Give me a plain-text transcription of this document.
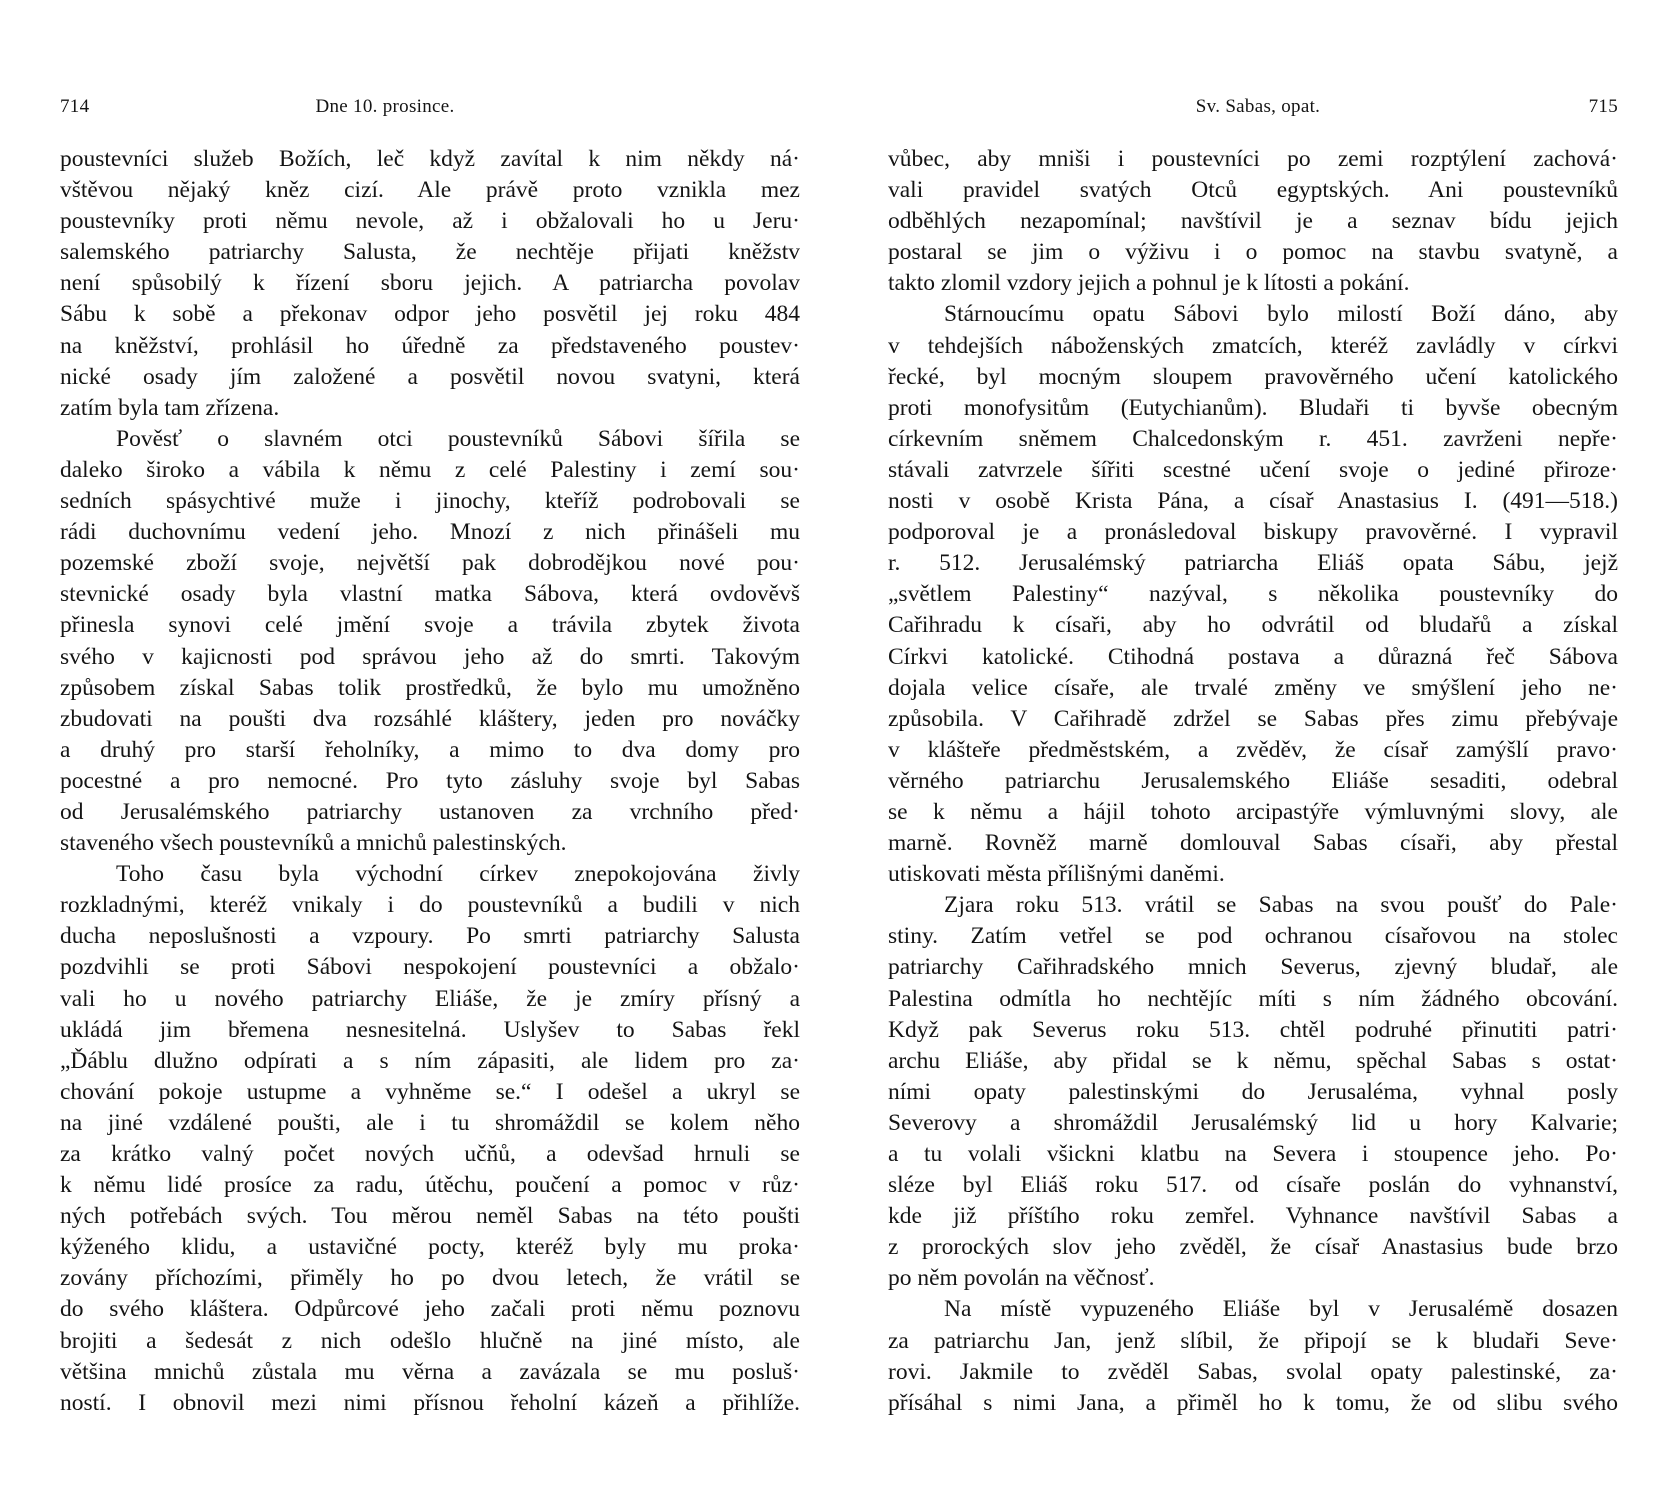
714	Dne 10. prosince.
poustevníci služeb Božích, leč když zavítal k nim někdy ná·
vštěvou nějaký kněz cizí. Ale právě proto vznikla mez
poustevníky proti němu nevole, až i obžalovali ho u Jeru·
salemského patriarchy Salusta, že nechtěje přijati kněžstv
není spůsobilý k řízení sboru jejich. A patriarcha povolav
Sábu k sobě a překonav odpor jeho posvětil jej roku 484
na kněžství, prohlásil ho úředně za představeného poustev·
nické osady jím založené a posvětil novou svatyni, která
zatím byla tam zřízena.
Pověsť o slavném otci poustevníků Sábovi šířila se
daleko široko a vábila k němu z celé Palestiny i zemí sou·
sedních spásychtivé muže i jinochy, kteříž podrobovali se
rádi duchovnímu vedení jeho. Mnozí z nich přinášeli mu
pozemské zboží svoje, největší pak dobrodějkou nové pou·
stevnické osady byla vlastní matka Sábova, která ovdověvš
přinesla synovi celé jmění svoje a trávila zbytek života
svého v kajicnosti pod správou jeho až do smrti. Takovým
způsobem získal Sabas tolik prostředků, že bylo mu umožněno
zbudovati na poušti dva rozsáhlé kláštery, jeden pro nováčky
a druhý pro starší řeholníky, a mimo to dva domy pro
pocestné a pro nemocné. Pro tyto zásluhy svoje byl Sabas
od Jerusalémského patriarchy ustanoven za vrchního před·
staveného všech poustevníků a mnichů palestinských.
Toho času byla východní církev znepokojována živly
rozkladnými, kteréž vnikaly i do poustevníků a budili v nich
ducha neposlušnosti a vzpoury. Po smrti patriarchy Salusta
pozdvihli se proti Sábovi nespokojení poustevníci a obžalo·
vali ho u nového patriarchy Eliáše, že je zmíry přísný a
ukládá jim břemena nesnesitelná. Uslyšev to Sabas řekl
„Ďáblu dlužno odpírati a s ním zápasiti, ale lidem pro za·
chování pokoje ustupme a vyhněme se.“ I odešel a ukryl se
na jiné vzdálené poušti, ale i tu shromáždil se kolem něho
za krátko valný počet nových učňů, a odevšad hrnuli se
k němu lidé prosíce za radu, útěchu, poučení a pomoc v růz·
ných potřebách svých. Tou měrou neměl Sabas na této poušti
kýženého klidu, a ustavičné pocty, kteréž byly mu proka·
zovány příchozími, přiměly ho po dvou letech, že vrátil se
do svého kláštera. Odpůrcové jeho začali proti němu poznovu
brojiti a šedesát z nich odešlo hlučně na jiné místo, ale
většina mnichů zůstala mu věrna a zavázala se mu posluš·
ností. I obnovil mezi nimi přísnou řeholní kázeň a přihlíže.
Sv. Sabas, opat.	715
vůbec, aby mniši i poustevníci po zemi rozptýlení zachová·
vali pravidel svatých Otců egyptských. Ani poustevníků
odběhlých nezapomínal; navštívil je a seznav bídu jejich
postaral se jim o výživu i o pomoc na stavbu svatyně, a
takto zlomil vzdory jejich a pohnul je k lítosti a pokání.
Stárnoucímu opatu Sábovi bylo milostí Boží dáno, aby
v tehdejších náboženských zmatcích, kteréž zavládly v církvi
řecké, byl mocným sloupem pravověrného učení katolického
proti monofysitům (Eutychianům). Bludaři ti byvše obecným
církevním sněmem Chalcedonským r. 451. zavrženi nepře·
stávali zatvrzele šířiti scestné učení svoje o jediné přiroze·
nosti v osobě Krista Pána, a císař Anastasius I. (491—518.)
podporoval je a pronásledoval biskupy pravověrné. I vypravil
r. 512. Jerusalémský patriarcha Eliáš opata Sábu, jejž
„světlem Palestiny“ nazýval, s několika poustevníky do
Cařihradu k císaři, aby ho odvrátil od bludařů a získal
Církvi katolické. Ctihodná postava a důrazná řeč Sábova
dojala velice císaře, ale trvalé změny ve smýšlení jeho ne·
způsobila. V Cařihradě zdržel se Sabas přes zimu přebývaje
v klášteře předměstském, a zvěděv, že císař zamýšlí pravo·
věrného patriarchu Jerusalemského Eliáše sesaditi, odebral
se k němu a hájil tohoto arcipastýře výmluvnými slovy, ale
marně. Rovněž marně domlouval Sabas císaři, aby přestal
utiskovati města přílišnými daněmi.
Zjara roku 513. vrátil se Sabas na svou poušť do Pale·
stiny. Zatím vetřel se pod ochranou císařovou na stolec
patriarchy Cařihradského mnich Severus, zjevný bludař, ale
Palestina odmítla ho nechtějíc míti s ním žádného obcování.
Když pak Severus roku 513. chtěl podruhé přinutiti patri·
archu Eliáše, aby přidal se k němu, spěchal Sabas s ostat·
ními opaty palestinskými do Jerusaléma, vyhnal posly
Severovy a shromáždil Jerusalémský lid u hory Kalvarie;
a tu volali všickni klatbu na Severa i stoupence jeho. Po·
sléze byl Eliáš roku 517. od císaře poslán do vyhnanství,
kde již příštího roku zemřel. Vyhnance navštívil Sabas a
z prorockých slov jeho zvěděl, že císař Anastasius bude brzo
po něm povolán na věčnosť.
Na místě vypuzeného Eliáše byl v Jerusalémě dosazen
za patriarchu Jan, jenž slíbil, že připojí se k bludaři Seve·
rovi. Jakmile to zvěděl Sabas, svolal opaty palestinské, za·
přísáhal s nimi Jana, a přiměl ho k tomu, že od slibu svého
